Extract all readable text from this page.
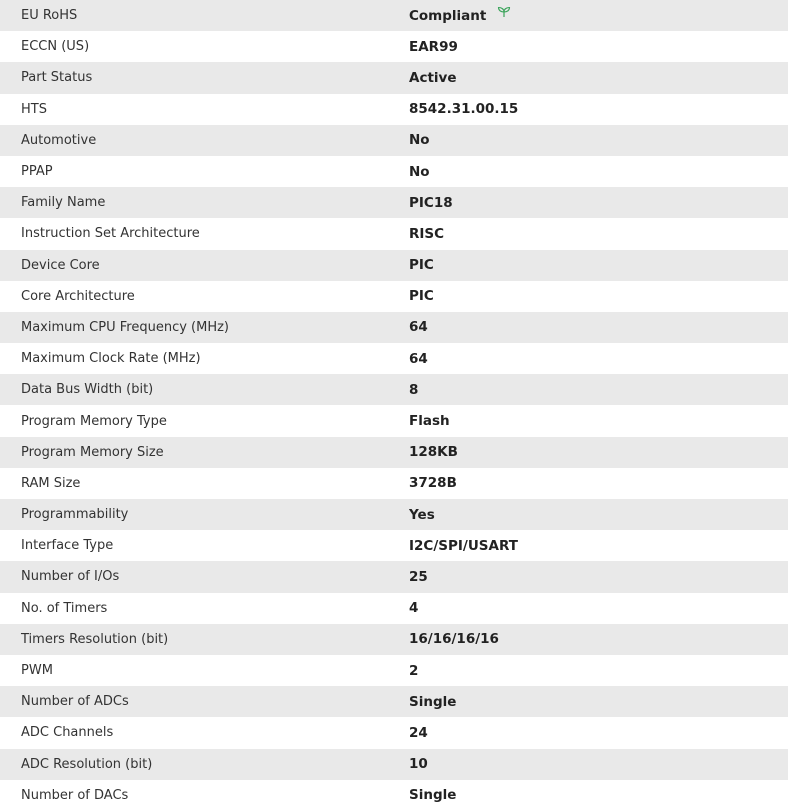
EU RoHS	Compliant
ECCN (US)	EAR99
Part Status	Active
HTS	8542.31.00.15
Automotive	No
PPAP	No
Family Name	PIC18
Instruction Set Architecture	RISC
Device Core	PIC
Core Architecture	PIC
Maximum CPU Frequency (MHz)	64
Maximum Clock Rate (MHz)	64
Data Bus Width (bit)	8
Program Memory Type	Flash
Program Memory Size	128KB
RAM Size	3728B
Programmability	Yes
Interface Type	I2C/SPI/USART
Number of I/Os	25
No. of Timers	4
Timers Resolution (bit)	16/16/16/16
PWM	2
Number of ADCs	Single
ADC Channels	24
ADC Resolution (bit)	10
Number of DACs	Single
